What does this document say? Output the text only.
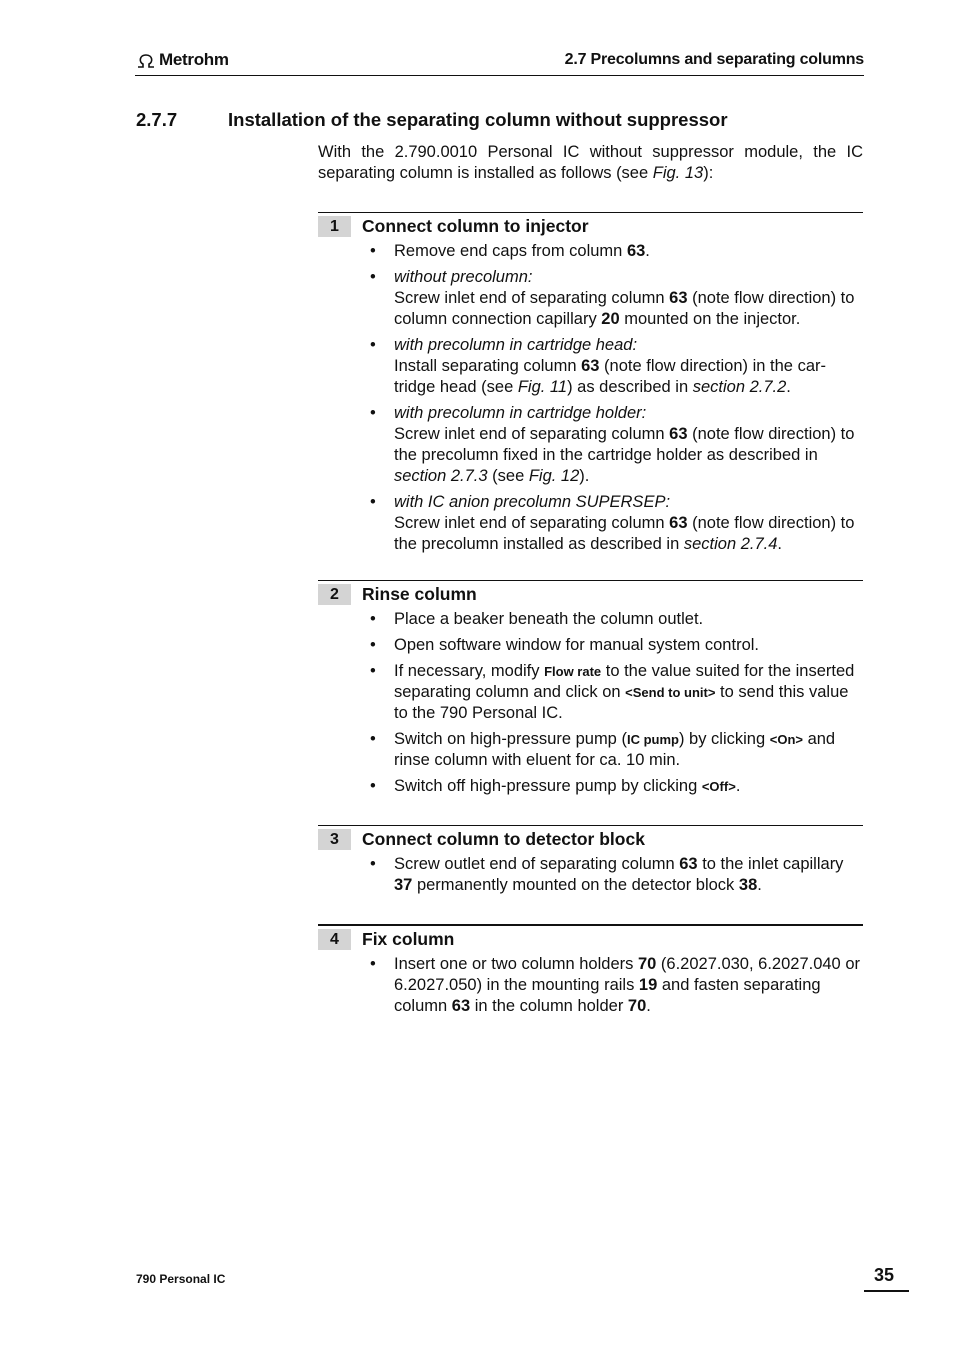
Metrohm	2.7 Precolumns and separating columns
2.7.7	Installation of the separating column without suppressor
With the 2.790.0010 Personal IC without suppressor module, the IC separating column is installed as follows (see Fig. 13):
1	Connect column to injector
• Remove end caps from column 63.
• without precolumn:
Screw inlet end of separating column 63 (note flow direction) to column connection capillary 20 mounted on the injector.
• with precolumn in cartridge head:
Install separating column 63 (note flow direction) in the car-tridge head (see Fig. 11) as described in section 2.7.2.
• with precolumn in cartridge holder:
Screw inlet end of separating column 63 (note flow direction) to the precolumn fixed in the cartridge holder as described in section 2.7.3 (see Fig. 12).
• with IC anion precolumn SUPERSEP:
Screw inlet end of separating column 63 (note flow direction) to the precolumn installed as described in section 2.7.4.
2	Rinse column
• Place a beaker beneath the column outlet.
• Open software window for manual system control.
• If necessary, modify Flow rate to the value suited for the inserted separating column and click on <Send to unit> to send this value to the 790 Personal IC.
• Switch on high-pressure pump (IC pump) by clicking <On> and rinse column with eluent for ca. 10 min.
• Switch off high-pressure pump by clicking <Off>.
3	Connect column to detector block
• Screw outlet end of separating column 63 to the inlet capillary 37 permanently mounted on the detector block 38.
4	Fix column
• Insert one or two column holders 70 (6.2027.030, 6.2027.040 or 6.2027.050) in the mounting rails 19 and fasten separating column 63 in the column holder 70.
790 Personal IC	35
